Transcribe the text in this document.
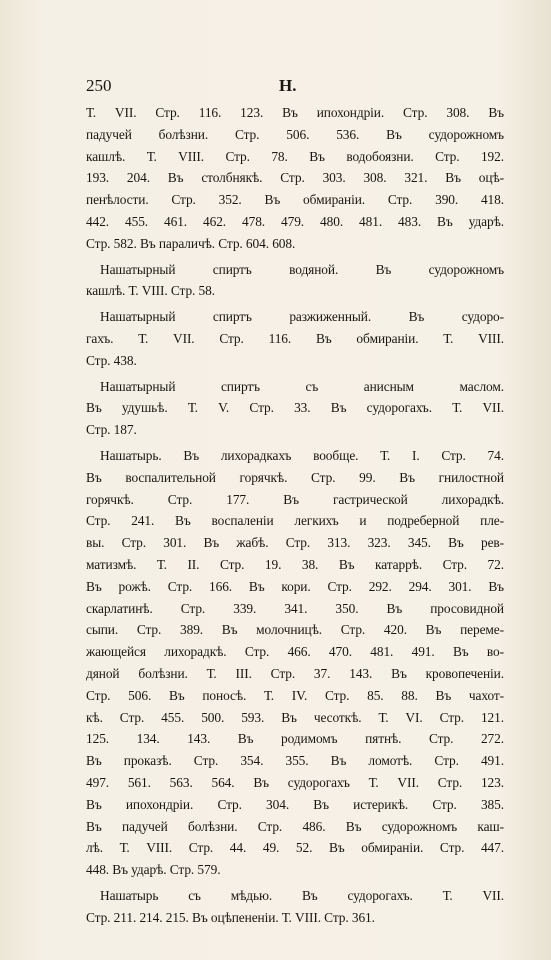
250	Н.
Т. VII. Стр. 116. 123. Въ ипохондріи. Стр. 308. Въ
падучей болѣзни. Стр. 506. 536. Въ судорожномъ
кашлѣ. Т. VIII. Стр. 78. Въ водобоязни. Стр. 192.
193. 204. Въ столбнякѣ. Стр. 303. 308. 321. Въ оцѣ-
пенѣлости. Стр. 352. Въ обмираніи. Стр. 390. 418.
442. 455. 461. 462. 478. 479. 480. 481. 483. Въ ударѣ.
Стр. 582. Въ параличѣ. Стр. 604. 608.
Нашатырный спиртъ водяной. Въ судорожномъ
кашлѣ. Т. VIII. Стр. 58.
Нашатырный спиртъ разжиженный. Въ судоро-
гахъ. Т. VII. Стр. 116. Въ обмираніи. Т. VIII.
Стр. 438.
Нашатырный спиртъ съ анисным маслом.
Въ удушьѣ. Т. V. Стр. 33. Въ судорогахъ. Т. VII.
Стр. 187.
Нашатырь. Въ лихорадкахъ вообще. Т. I. Стр. 74.
Въ воспалительной горячкѣ. Стр. 99. Въ гнилостной
горячкѣ. Стр. 177. Въ гастрической лихорадкѣ.
Стр. 241. Въ воспаленіи легкихъ и подреберной пле-
вы. Стр. 301. Въ жабѣ. Стр. 313. 323. 345. Въ рев-
матизмѣ. Т. II. Стр. 19. 38. Въ катаррѣ. Стр. 72.
Въ рожѣ. Стр. 166. Въ кори. Стр. 292. 294. 301. Въ
скарлатинѣ. Стр. 339. 341. 350. Въ просовидной
сыпи. Стр. 389. Въ молочницѣ. Стр. 420. Въ переме-
жающейся лихорадкѣ. Стр. 466. 470. 481. 491. Въ во-
дяной болѣзни. Т. III. Стр. 37. 143. Въ кровопеченіи.
Стр. 506. Въ поносѣ. Т. IV. Стр. 85. 88. Въ чахот-
кѣ. Стр. 455. 500. 593. Въ чесоткѣ. Т. VI. Стр. 121.
125. 134. 143. Въ родимомъ пятнѣ. Стр. 272.
Въ проказѣ. Стр. 354. 355. Въ ломотѣ. Стр. 491.
497. 561. 563. 564. Въ судорогахъ Т. VII. Стр. 123.
Въ ипохондріи. Стр. 304. Въ истерикѣ. Стр. 385.
Въ падучей болѣзни. Стр. 486. Въ судорожномъ каш-
лѣ. Т. VIII. Стр. 44. 49. 52. Въ обмираніи. Стр. 447.
448. Въ ударѣ. Стр. 579.
Нашатырь съ мѣдью. Въ судорогахъ. Т. VII.
Стр. 211. 214. 215. Въ оцѣпененіи. Т. VIII. Стр. 361.
